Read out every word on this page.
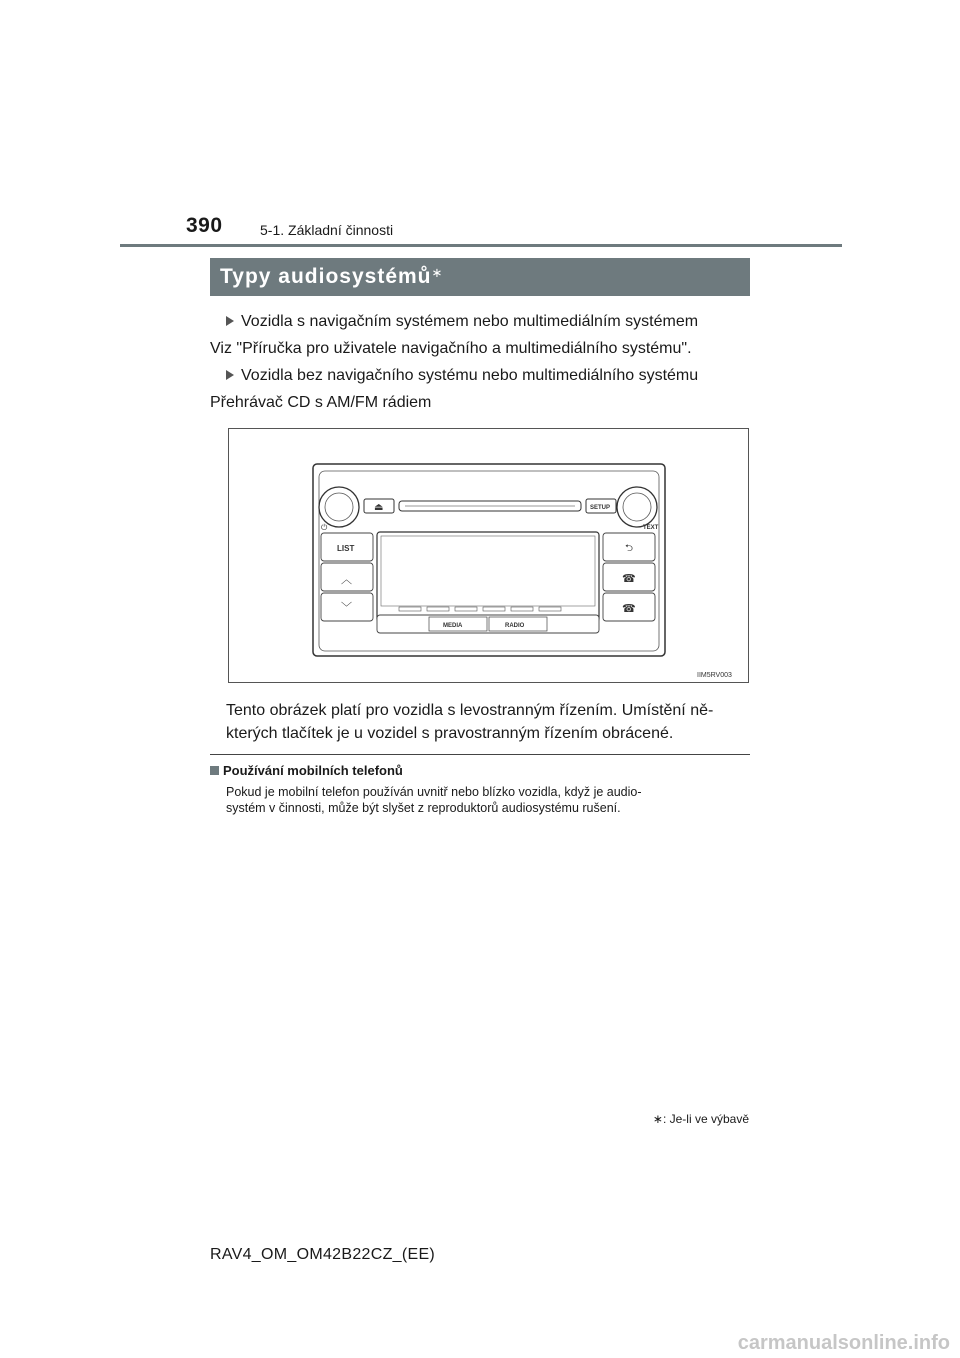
390	5-1. Základní činnosti
Typy audiosystémů∗
Vozidla s navigačním systémem nebo multimediálním systémem
Viz "Příručka pro uživatele navigačního a multimediálního systému".
Vozidla bez navigačního systému nebo multimediálního systému
Přehrávač CD s AM/FM rádiem
⏻	TEXT
⏏	SETUP
LIST
︿
﹀
⮌
☎
☎
MEDIA	RADIO
IIM5RV003
Tento obrázek platí pro vozidla s levostranným řízením. Umístění ně-
kterých tlačítek je u vozidel s pravostranným řízením obrácené.
Používání mobilních telefonů
Pokud je mobilní telefon používán uvnitř nebo blízko vozidla, když je audio-
systém v činnosti, může být slyšet z reproduktorů audiosystému rušení.
∗: Je-li ve výbavě
RAV4_OM_OM42B22CZ_(EE)
carmanualsonline.info
